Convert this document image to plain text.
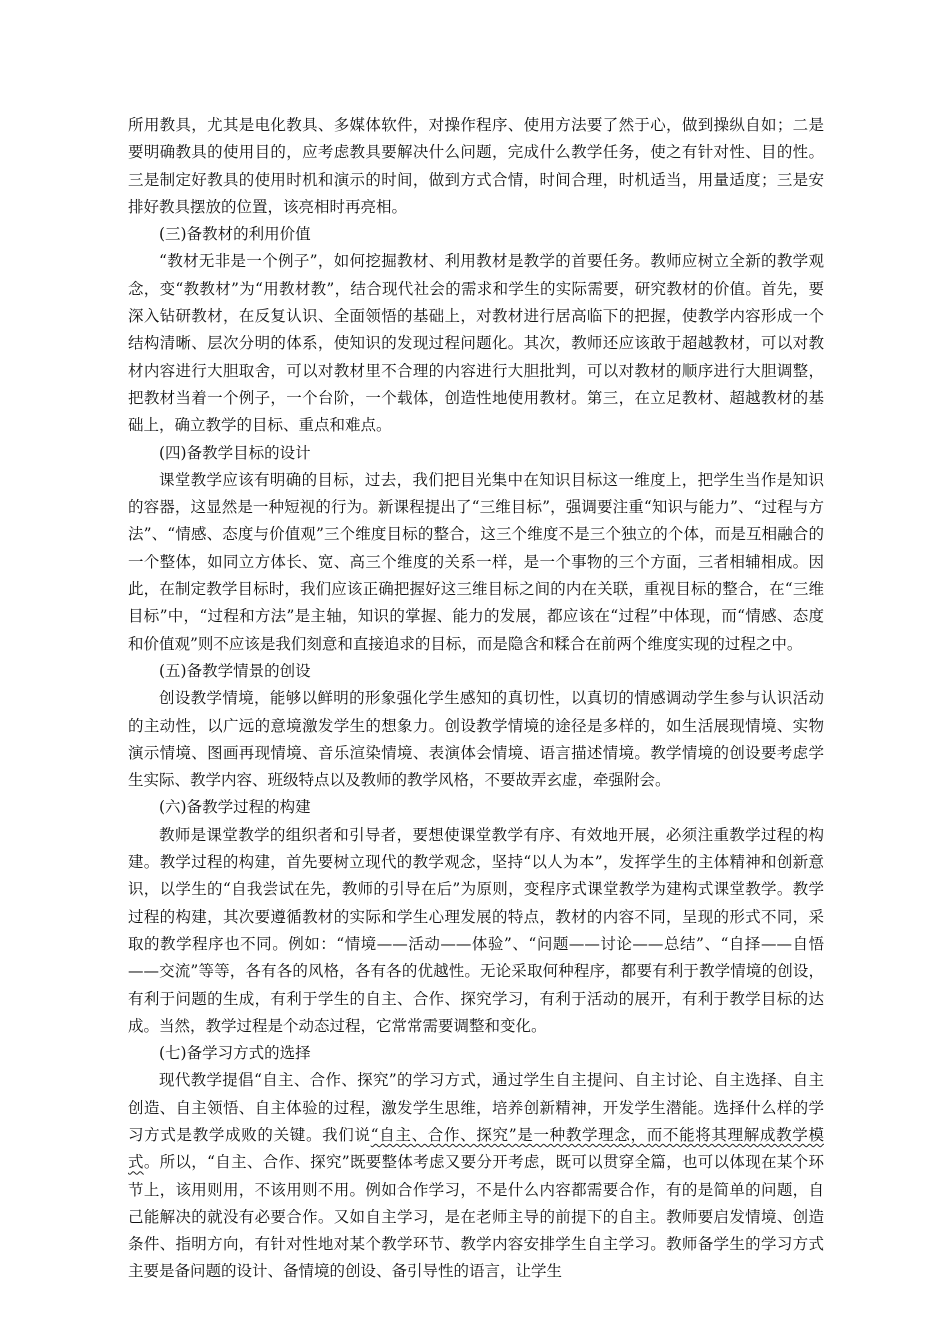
所用教具，尤其是电化教具、多媒体软件，对操作程序、使用方法要了然于心，做到操纵自如；二是要明确教具的使用目的，应考虑教具要解决什么问题，完成什么教学任务，使之有针对性、目的性。三是制定好教具的使用时机和演示的时间，做到方式合情，时间合理，时机适当，用量适度；三是安排好教具摆放的位置，该亮相时再亮相。

(三)备教材的利用价值

“教材无非是一个例子”，如何挖掘教材、利用教材是教学的首要任务。教师应树立全新的教学观念，变“教教材”为“用教材教”，结合现代社会的需求和学生的实际需要，研究教材的价值。首先，要深入钻研教材，在反复认识、全面领悟的基础上，对教材进行居高临下的把握，使教学内容形成一个结构清晰、层次分明的体系，使知识的发现过程问题化。其次，教师还应该敢于超越教材，可以对教材内容进行大胆取舍，可以对教材里不合理的内容进行大胆批判，可以对教材的顺序进行大胆调整，把教材当着一个例子，一个台阶，一个载体，创造性地使用教材。第三，在立足教材、超越教材的基础上，确立教学的目标、重点和难点。

(四)备教学目标的设计

课堂教学应该有明确的目标，过去，我们把目光集中在知识目标这一维度上，把学生当作是知识的容器，这显然是一种短视的行为。新课程提出了“三维目标”，强调要注重“知识与能力”、“过程与方法”、“情感、态度与价值观”三个维度目标的整合，这三个维度不是三个独立的个体，而是互相融合的一个整体，如同立方体长、宽、高三个维度的关系一样，是一个事物的三个方面，三者相辅相成。因此，在制定教学目标时，我们应该正确把握好这三维目标之间的内在关联，重视目标的整合，在“三维目标”中，“过程和方法”是主轴，知识的掌握、能力的发展，都应该在“过程”中体现，而“情感、态度和价值观”则不应该是我们刻意和直接追求的目标，而是隐含和糅合在前两个维度实现的过程之中。

(五)备教学情景的创设

创设教学情境，能够以鲜明的形象强化学生感知的真切性，以真切的情感调动学生参与认识活动的主动性，以广远的意境激发学生的想象力。创设教学情境的途径是多样的，如生活展现情境、实物演示情境、图画再现情境、音乐渲染情境、表演体会情境、语言描述情境。教学情境的创设要考虑学生实际、教学内容、班级特点以及教师的教学风格，不要故弄玄虚，牵强附会。

(六)备教学过程的构建

教师是课堂教学的组织者和引导者，要想使课堂教学有序、有效地开展，必须注重教学过程的构建。教学过程的构建，首先要树立现代的教学观念，坚持“以人为本”，发挥学生的主体精神和创新意识，以学生的“自我尝试在先，教师的引导在后”为原则，变程序式课堂教学为建构式课堂教学。教学过程的构建，其次要遵循教材的实际和学生心理发展的特点，教材的内容不同，呈现的形式不同，采取的教学程序也不同。例如：“情境——活动——体验”、“问题——讨论——总结”、“自择——自悟——交流”等等，各有各的风格，各有各的优越性。无论采取何种程序，都要有利于教学情境的创设，有利于问题的生成，有利于学生的自主、合作、探究学习，有利于活动的展开，有利于教学目标的达成。当然，教学过程是个动态过程，它常常需要调整和变化。

(七)备学习方式的选择

现代教学提倡“自主、合作、探究”的学习方式，通过学生自主提问、自主讨论、自主选择、自主创造、自主领悟、自主体验的过程，激发学生思维，培养创新精神，开发学生潜能。选择什么样的学习方式是教学成败的关键。我们说“自主、合作、探究”是一种教学理念，而不能将其理解成教学模式。所以，“自主、合作、探究”既要整体考虑又要分开考虑，既可以贯穿全篇，也可以体现在某个环节上，该用则用，不该用则不用。例如合作学习，不是什么内容都需要合作，有的是简单的问题，自己能解决的就没有必要合作。又如自主学习，是在老师主导的前提下的自主。教师要启发情境、创造条件、指明方向，有针对性地对某个教学环节、教学内容安排学生自主学习。教师备学生的学习方式主要是备问题的设计、备情境的创设、备引导性的语言，让学生
